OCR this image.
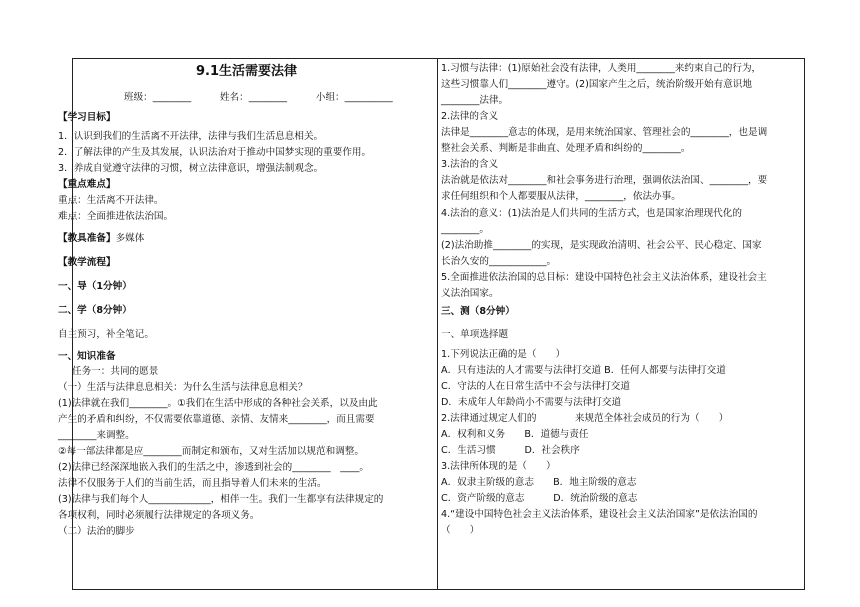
9.1生活需要法律
班级：________　　　姓名：________　　　小组：__________
【学习目标】
1．认识到我们的生活离不开法律，法律与我们生活息息相关。
2．了解法律的产生及其发展，认识法治对于推动中国梦实现的重要作用。
3．养成自觉遵守法律的习惯，树立法律意识，增强法制观念。
【重点难点】
重点：生活离不开法律。
难点：全面推进依法治国。
【教具准备】多媒体
【教学流程】
一、导（1分钟）
二、学（8分钟）
自主预习，补全笔记。
一、知识准备
任务一：共同的愿景
（一）生活与法律息息相关：为什么生活与法律息息相关？
(1)法律就在我们________。①我们在生活中形成的各种社会关系，以及由此
产生的矛盾和纠纷，不仅需要依靠道德、亲情、友情来________，而且需要
________来调整。
②每一部法律都是应________而制定和颁布，又对生活加以规范和调整。
(2)法律已经深深地嵌入我们的生活之中，渗透到社会的________　____。
法律不仅服务于人们的当前生活，而且指导着人们未来的生活。
(3)法律与我们每个人_____________，相伴一生。我们一生都享有法律规定的
各项权利，同时必须履行法律规定的各项义务。
（二）法治的脚步
1.习惯与法律：(1)原始社会没有法律，人类用________来约束自己的行为，
这些习惯靠人们________遵守。(2)国家产生之后，统治阶级开始有意识地
________法律。
2.法律的含义
法律是________意志的体现，是用来统治国家、管理社会的________，也是调
整社会关系、判断是非曲直、处理矛盾和纠纷的________。
3.法治的含义
法治就是依法对________和社会事务进行治理，强调依法治国、________，要
求任何组织和个人都要服从法律，________，依法办事。
4.法治的意义：(1)法治是人们共同的生活方式，也是国家治理现代化的
________。
(2)法治助推________的实现，是实现政治清明、社会公平、民心稳定、国家
长治久安的____________。
5.全面推进依法治国的总目标：建设中国特色社会主义法治体系，建设社会主
义法治国家。
三、测（8分钟）
一、单项选择题
1.下列说法正确的是（　　）
A．只有违法的人才需要与法律打交道 B．任何人都要与法律打交道
C．守法的人在日常生活中不会与法律打交道
D．未成年人年龄尚小不需要与法律打交道
2.法律通过规定人们的　　　　来规范全体社会成员的行为（　　）
A．权利和义务　　B．道德与责任
C．生活习惯　　　D．社会秩序
3.法律所体现的是（　　）
A．奴隶主阶级的意志　　B．地主阶级的意志
C．资产阶级的意志　　　D．统治阶级的意志
4.“建设中国特色社会主义法治体系，建设社会主义法治国家”是依法治国的
（　　）
